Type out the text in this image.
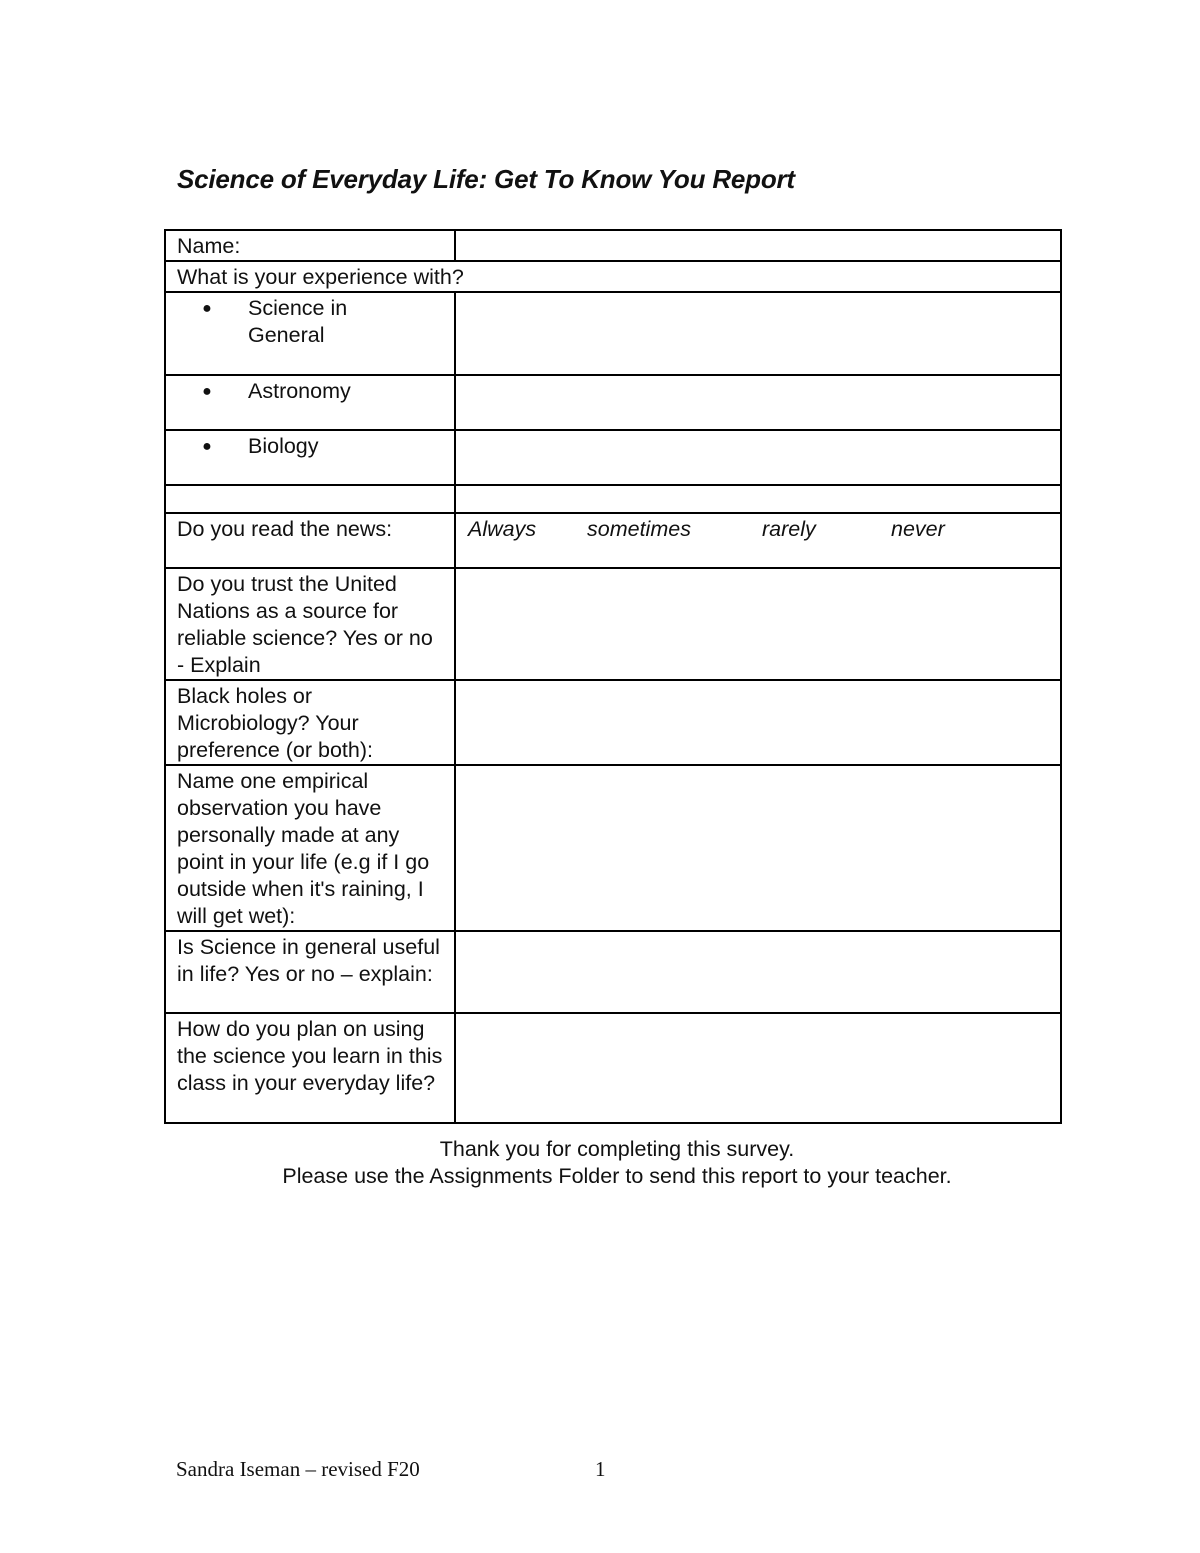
Science of Everyday Life: Get To Know You Report
Name:	
What is your experience with?	

● Science in
General	

● Astronomy	

● Biology	

Do you read the news:	Always sometimes rarely never

Do you trust the United Nations as a source for reliable science? Yes or no - Explain	
Black holes or Microbiology? Your preference (or both):	
Name one empirical observation you have personally made at any point in your life (e.g if I go outside when it's raining, I will get wet):	
Is Science in general useful in life? Yes or no – explain:	
How do you plan on using the science you learn in this class in your everyday life?	
Thank you for completing this survey.
Please use the Assignments Folder to send this report to your teacher.
Sandra Iseman – revised F20	1
